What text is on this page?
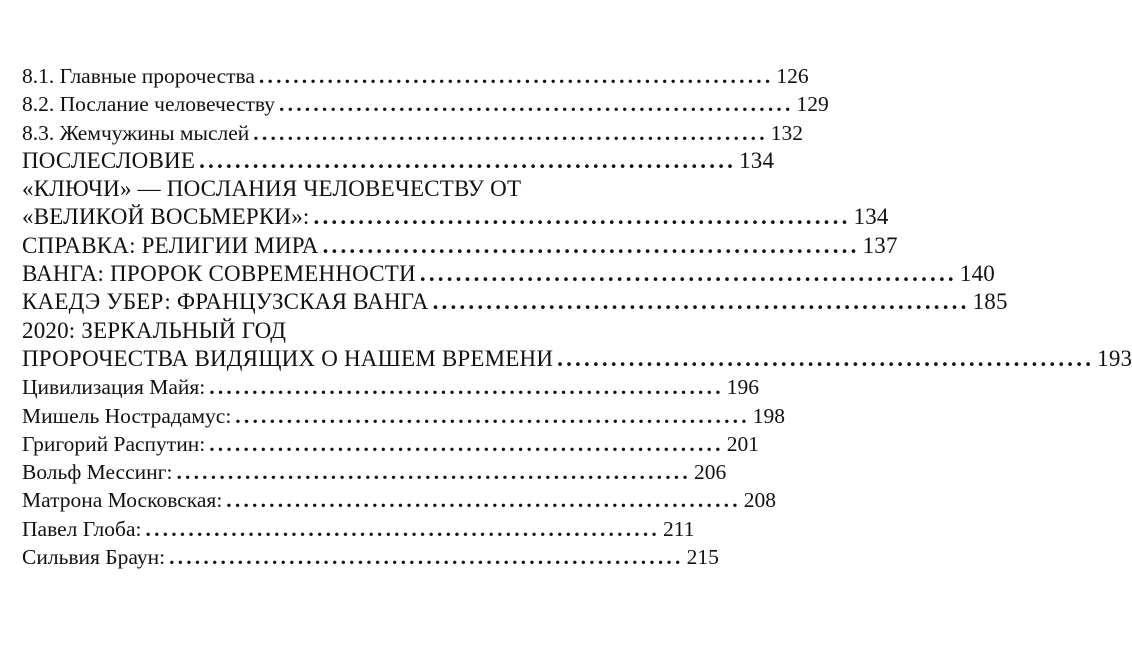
8.1. Главные пророчества ............................................................ 126
8.2. Послание человечеству ............................................................ 129
8.3. Жемчужины мыслей ............................................................ 132
ПОСЛЕСЛОВИЕ ............................................................ 134
«КЛЮЧИ» — ПОСЛАНИЯ ЧЕЛОВЕЧЕСТВУ ОТ
«ВЕЛИКОЙ ВОСЬМЕРКИ»: ............................................................ 134
СПРАВКА: РЕЛИГИИ МИРА ............................................................ 137
ВАНГА: ПРОРОК СОВРЕМЕННОСТИ ............................................................ 140
КАЕДЭ УБЕР: ФРАНЦУЗСКАЯ ВАНГА ............................................................ 185
2020: ЗЕРКАЛЬНЫЙ ГОД
ПРОРОЧЕСТВА ВИДЯЩИХ О НАШЕМ ВРЕМЕНИ ............................................................ 193
Цивилизация Майя: ............................................................ 196
Мишель Нострадамус: ............................................................ 198
Григорий Распутин: ............................................................ 201
Вольф Мессинг: ............................................................ 206
Матрона Московская: ............................................................ 208
Павел Глоба: ............................................................ 211
Сильвия Браун: ............................................................ 215
